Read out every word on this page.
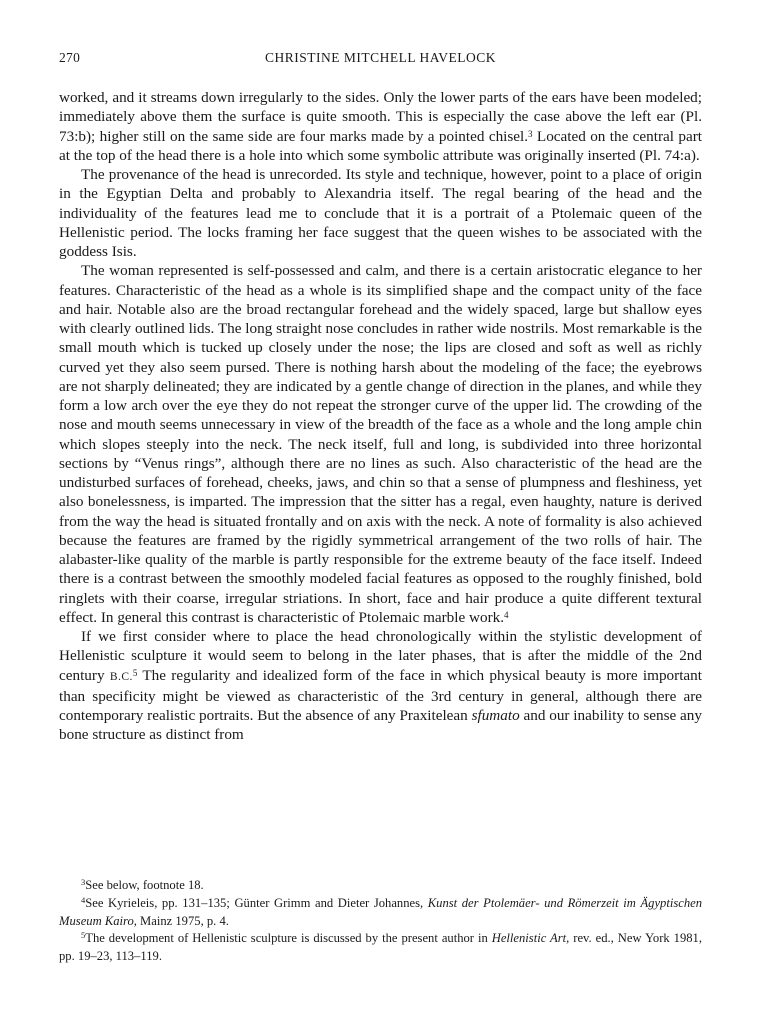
270	CHRISTINE MITCHELL HAVELOCK

worked, and it streams down irregularly to the sides. Only the lower parts of the ears have been modeled; immediately above them the surface is quite smooth. This is especially the case above the left ear (Pl. 73:b); higher still on the same side are four marks made by a pointed chisel.$^3$ Located on the central part at the top of the head there is a hole into which some symbolic attribute was originally inserted (Pl. 74:a).

The provenance of the head is unrecorded. Its style and technique, however, point to a place of origin in the Egyptian Delta and probably to Alexandria itself. The regal bearing of the head and the individuality of the features lead me to conclude that it is a portrait of a Ptolemaic queen of the Hellenistic period. The locks framing her face suggest that the queen wishes to be associated with the goddess Isis.

The woman represented is self-possessed and calm, and there is a certain aristocratic elegance to her features. Characteristic of the head as a whole is its simplified shape and the compact unity of the face and hair. Notable also are the broad rectangular forehead and the widely spaced, large but shallow eyes with clearly outlined lids. The long straight nose concludes in rather wide nostrils. Most remarkable is the small mouth which is tucked up closely under the nose; the lips are closed and soft as well as richly curved yet they also seem pursed. There is nothing harsh about the modeling of the face; the eyebrows are not sharply delineated; they are indicated by a gentle change of direction in the planes, and while they form a low arch over the eye they do not repeat the stronger curve of the upper lid. The crowding of the nose and mouth seems unnecessary in view of the breadth of the face as a whole and the long ample chin which slopes steeply into the neck. The neck itself, full and long, is subdivided into three horizontal sections by “Venus rings”, although there are no lines as such. Also characteristic of the head are the undisturbed surfaces of forehead, cheeks, jaws, and chin so that a sense of plumpness and fleshiness, yet also bonelessness, is imparted. The impression that the sitter has a regal, even haughty, nature is derived from the way the head is situated frontally and on axis with the neck. A note of formality is also achieved because the features are framed by the rigidly symmetrical arrangement of the two rolls of hair. The alabaster-like quality of the marble is partly responsible for the extreme beauty of the face itself. Indeed there is a contrast between the smoothly modeled facial features as opposed to the roughly finished, bold ringlets with their coarse, irregular striations. In short, face and hair produce a quite different textural effect. In general this contrast is characteristic of Ptolemaic marble work.$^4$

If we first consider where to place the head chronologically within the stylistic development of Hellenistic sculpture it would seem to belong in the later phases, that is after the middle of the 2nd century B.C.$^5$ The regularity and idealized form of the face in which physical beauty is more important than specificity might be viewed as characteristic of the 3rd century in general, although there are contemporary realistic portraits. But the absence of any Praxitelean sfumato and our inability to sense any bone structure as distinct from

$^3$See below, footnote 18.

$^4$See Kyrieleis, pp. 131–135; Günter Grimm and Dieter Johannes, Kunst der Ptolemäer- und Römerzeit im Ägyptischen Museum Kairo, Mainz 1975, p. 4.

$^5$The development of Hellenistic sculpture is discussed by the present author in Hellenistic Art, rev. ed., New York 1981, pp. 19–23, 113–119.
